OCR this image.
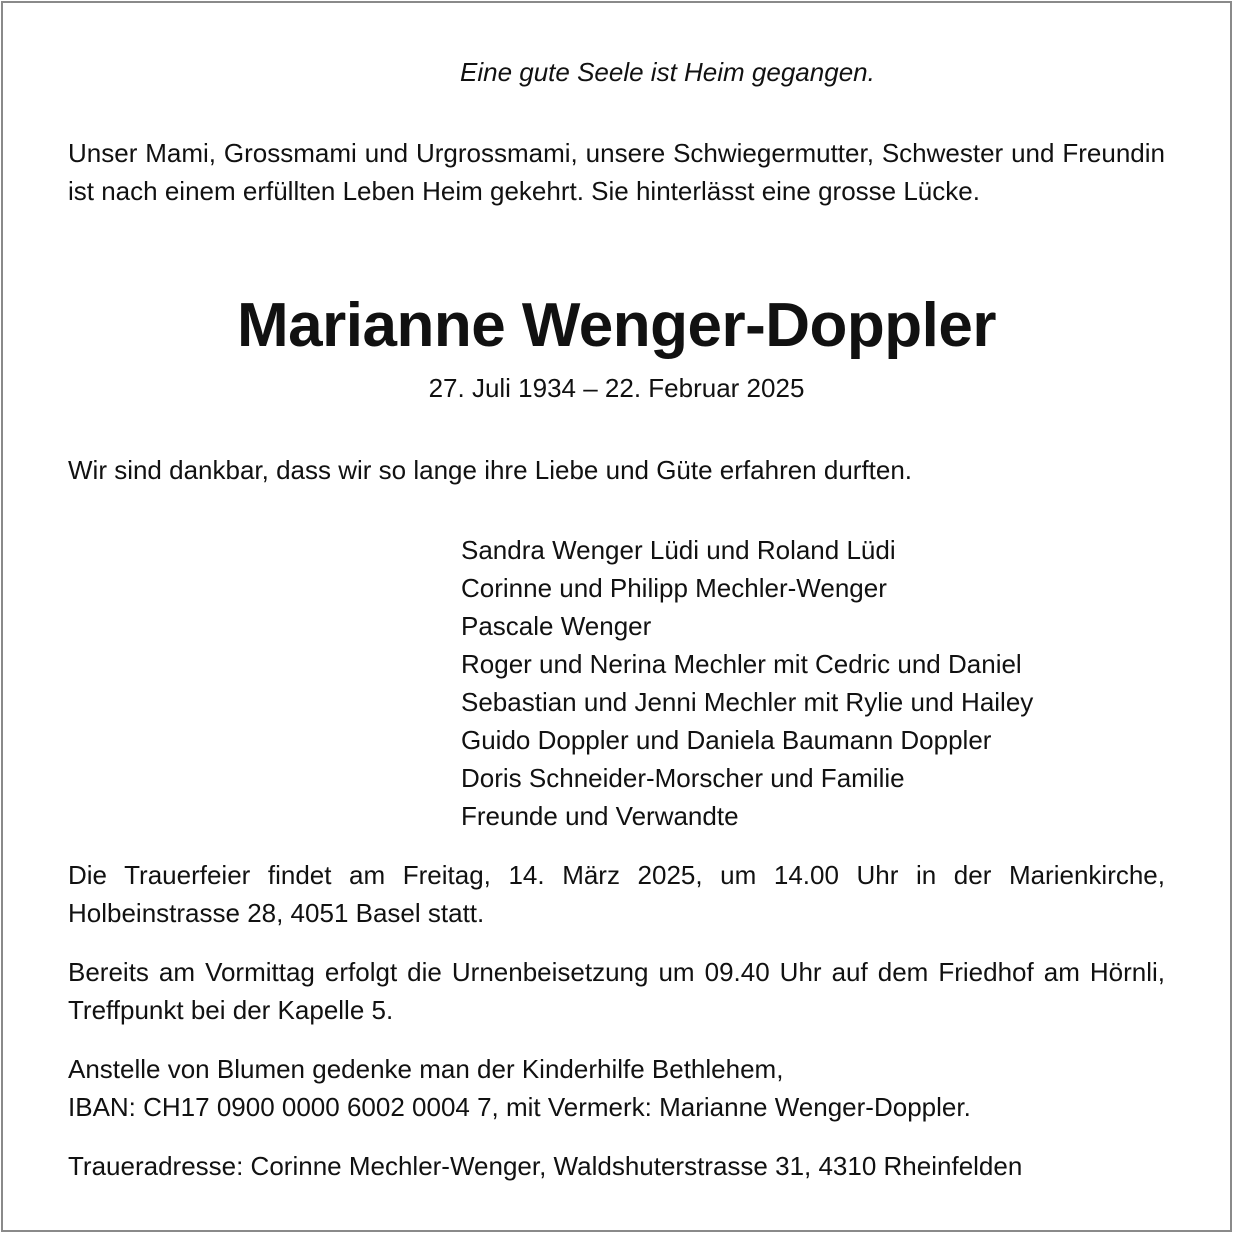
Eine gute Seele ist Heim gegangen.
Unser Mami, Grossmami und Urgrossmami, unsere Schwiegermutter, Schwester und Freundin ist nach einem erfüllten Leben Heim gekehrt. Sie hinterlässt eine grosse Lücke.
Marianne Wenger-Doppler
27. Juli 1934 – 22. Februar 2025
Wir sind dankbar, dass wir so lange ihre Liebe und Güte erfahren durften.
Sandra Wenger Lüdi und Roland Lüdi
Corinne und Philipp Mechler-Wenger
Pascale Wenger
Roger und Nerina Mechler mit Cedric und Daniel
Sebastian und Jenni Mechler mit Rylie und Hailey
Guido Doppler und Daniela Baumann Doppler
Doris Schneider-Morscher und Familie
Freunde und Verwandte
Die Trauerfeier findet am Freitag, 14. März 2025, um 14.00 Uhr in der Marienkirche, Holbeinstrasse 28, 4051 Basel statt.
Bereits am Vormittag erfolgt die Urnenbeisetzung um 09.40 Uhr auf dem Friedhof am Hörnli, Treffpunkt bei der Kapelle 5.
Anstelle von Blumen gedenke man der Kinderhilfe Bethlehem,
IBAN: CH17 0900 0000 6002 0004 7, mit Vermerk: Marianne Wenger-Doppler.
Traueradresse: Corinne Mechler-Wenger, Waldshuterstrasse 31, 4310 Rheinfelden
